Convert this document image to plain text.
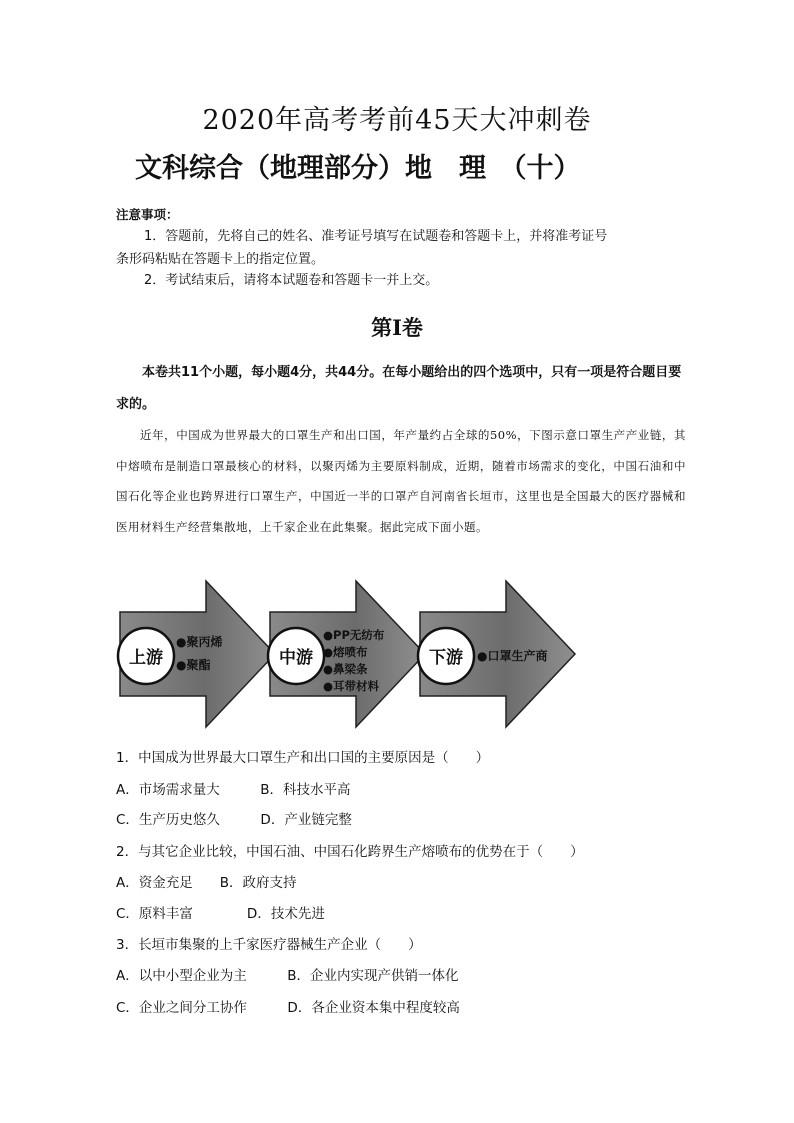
2020年高考考前45天大冲刺卷
文科综合（地理部分）地　理　（十）
注意事项：
1．答题前，先将自己的姓名、准考证号填写在试题卷和答题卡上，并将准考证号
条形码粘贴在答题卡上的指定位置。
2．考试结束后，请将本试题卷和答题卡一并上交。
第Ⅰ卷
本卷共11个小题，每小题4分，共44分。在每小题给出的四个选项中，只有一项是符合题目要求的。
近年，中国成为世界最大的口罩生产和出口国，年产量约占全球的50%，下图示意口罩生产产业链，其中熔喷布是制造口罩最核心的材料，以聚丙烯为主要原料制成，近期，随着市场需求的变化，中国石油和中国石化等企业也跨界进行口罩生产，中国近一半的口罩产自河南省长垣市，这里也是全国最大的医疗器械和医用材料生产经营集散地，上千家企业在此集聚。据此完成下面小题。
上游
●聚丙烯
●聚酯	中游
●PP无纺布
●熔喷布
●鼻梁条
●耳带材料
下游 ●口罩生产商
1．中国成为世界最大口罩生产和出口国的主要原因是（　　）
A．市场需求量大　　　B．科技水平高
C．生产历史悠久　　　D．产业链完整
2．与其它企业比较，中国石油、中国石化跨界生产熔喷布的优势在于（　　）
A．资金充足　　B．政府支持
C．原料丰富　　　　D．技术先进
3．长垣市集聚的上千家医疗器械生产企业（　　）
A．以中小型企业为主　　　B．企业内实现产供销一体化
C．企业之间分工协作　　　D．各企业资本集中程度较高
